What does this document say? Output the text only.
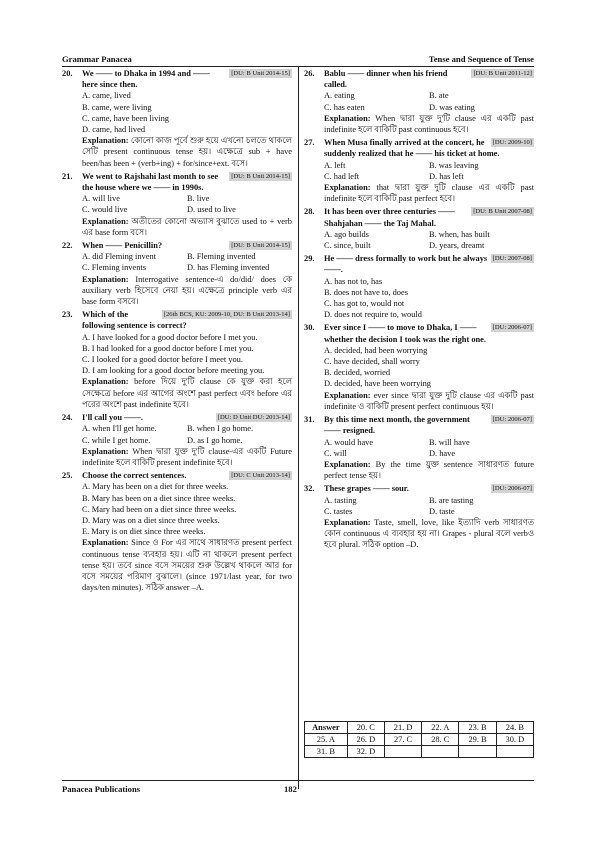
Grammar Panacea	Tense and Sequence of Tense
[DU: B Unit 2014-15]
20. We —— to Dhaka in 1994 and —— here since then.
A. came, lived
B. came, were living
C. came, have been living
D. came, had lived
Explanation: কোনো কাজ পূর্বে শুরু হয়ে এখনো চলতে থাকলে সেটি present continuous tense হয়। এক্ষেত্রে sub + have been/has been + (verb+ing) + for/since+ext. বসে।
[DU: B Unit 2014-15]
21. We went to Rajshahi last month to see the house where we —— in 1990s.
A. will live	B. live
C. would live	D. used to live
Explanation: অতীতের কোনো অভ্যাস বুঝাতে used to + verb এর base form বসে।
[DU: B Unit 2014-15]
22. When —— Penicillin?
A. did Fleming invent	B. Fleming invented
C. Fleming invents	D. has Fleming invented
Explanation: Interrogative sentence-এ do/did/ does কে auxiliary verb হিসেবে নেয়া হয়। এক্ষেত্রে principle verb এর base form বসবে।
[26th BCS, KU: 2009-10, DU: B Unit 2013-14]
23. Which of the following sentence is correct?
A. I have looked for a good doctor before I met you.
B. I had looked for a good doctor before I met you.
C. I looked for a good doctor before I meet you.
D. I am looking for a good doctor before meeting you.
Explanation: before দিয়ে দু'টি clause কে যুক্ত করা হলে সেক্ষেত্রে before এর আগের অংশে past perfect এবং before এর পরের অংশে past indefinite হবে।
[DU: D Unit DU: 2013-14]
24. I'll call you ——.
A. when I'll get home.	B. when I go home.
C. while I get home.	D. as I go home.
Explanation: When দ্বারা যুক্ত দু'টি clause-এর একটি Future indefinite হলে বাকিটি present indefinite হবে।
[DU: C Unit 2013-14]
25. Choose the correct sentences.
A. Mary has been on a diet for three weeks.
B. Mary has been on a diet since three weeks.
C. Mary had been on a diet since three weeks.
D. Mary was on a diet since three weeks.
E. Mary is on diet since three weeks.
Explanation: Since ও For এর সাথে সাধারণত present perfect continuous tense ব্যবহার হয়। এটি না থাকলে present perfect tense হয়। তবে since বসে সময়ের শুরু উল্লেখ থাকলে আর for বসে সময়ের পরিমাণ বুঝালে। (since 1971/last year, for two days/ten minutes). সঠিক answer –A.
[DU: B Unit 2011-12]
26. Bablu —— dinner when his friend called.
A. eating	B. ate
C. has eaten	D. was eating
Explanation: When দ্বারা যুক্ত দু'টি clause এর একটি past indefinite হলে বাকিটি past continuous হবে।
[DU: 2009-10]
27. When Musa finally arrived at the concert, he suddenly realized that he —— his ticket at home.
A. left	B. was leaving
C. had left	D. has left
Explanation: that দ্বারা যুক্ত দুটি clause এর একটি past indefinite হলে বাকিটি past perfect হবে।
[DU: B Unit 2007-08]
28. It has been over three centuries —— Shahjahan —— the Taj Mahal.
A. ago builds	B. when, has built
C. since, built	D. years, dreamt
[DU: 2007-08]
29. He —— dress formally to work but he always ——.
A. has not to, has
B. does not have to, does
C. has got to, would not
D. does not require to, would
[DU: 2006-07]
30. Ever since I —— to move to Dhaka, I —— whether the decision I took was the right one.
A. decided, had been worrying
C. have decided, shall worry
B. decided, worried
D. decided, have been worrying
Explanation: ever since দ্বারা যুক্ত দুটি clause এর একটি past indefinite ও বাকিটি present perfect continuous হয়।
[DU: 2006-07]
31. By this time next month, the government —— resigned.
A. would have	B. will have
C. will	D. have
Explanation: By the time যুক্ত sentence সাধারণত future perfect tense হয়।
[DU: 2006-07]
32. These grapes —— sour.
A. tasting	B. are tasting
C. tastes	D. taste
Explanation: Taste, smell, love, like ইত্যাদি verb সাধারণত কোন continuous এ ব্যবহার হয় না। Grapes - plural বলে verbও হবে plural. সঠিক option –D.
Answer	20. C	21. D	22. A	23. B	24. B
25. A	26. D	27. C	28. C	29. B	30. D
31. B	32. D				
Panacea Publications	182
